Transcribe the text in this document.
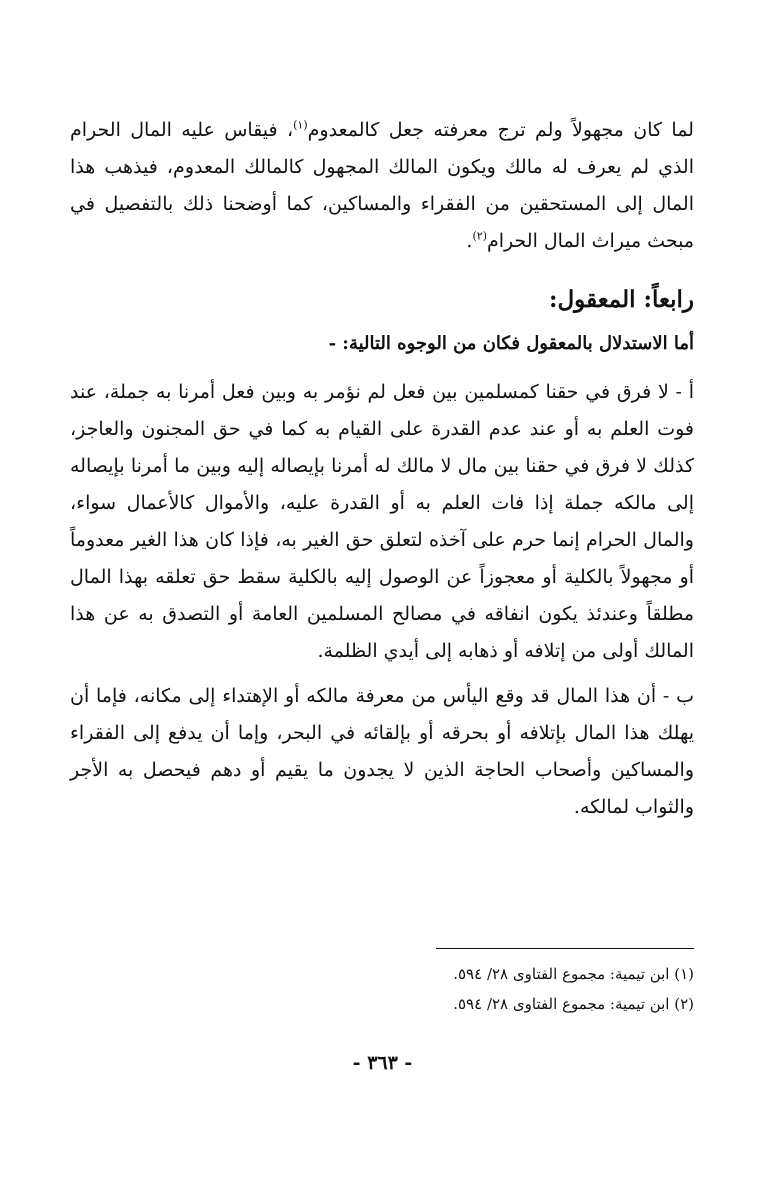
لما كان مجهولاً ولم ترج معرفته جعل كالمعدوم$^{(١)}$، فيقاس عليه المال الحرام الذي لم يعرف له مالك ويكون المالك المجهول كالمالك المعدوم، فيذهب هذا المال إلى المستحقين من الفقراء والمساكين، كما أوضحنا ذلك بالتفصيل في مبحث ميراث المال الحرام$^{(٢)}$.

رابعاً: المعقول:
أما الاستدلال بالمعقول فكان من الوجوه التالية: -

أ - لا فرق في حقنا كمسلمين بين فعل لم نؤمر به وبين فعل أمرنا به جملة، عند فوت العلم به أو عند عدم القدرة على القيام به كما في حق المجنون والعاجز، كذلك لا فرق في حقنا بين مال لا مالك له أمرنا بإيصاله إليه وبين ما أمرنا بإيصاله إلى مالكه جملة إذا فات العلم به أو القدرة عليه، والأموال كالأعمال سواء، والمال الحرام إنما حرم على آخذه لتعلق حق الغير به، فإذا كان هذا الغير معدوماً أو مجهولاً بالكلية أو معجوزاً عن الوصول إليه بالكلية سقط حق تعلقه بهذا المال مطلقاً وعندئذ يكون انفاقه في مصالح المسلمين العامة أو التصدق به عن هذا المالك أولى من إتلافه أو ذهابه إلى أيدي الظلمة.

ب - أن هذا المال قد وقع اليأس من معرفة مالكه أو الإهتداء إلى مكانه، فإما أن يهلك هذا المال بإتلافه أو بحرقه أو بإلقائه في البحر، وإما أن يدفع إلى الفقراء والمساكين وأصحاب الحاجة الذين لا يجدون ما يقيم أو دهم فيحصل به الأجر والثواب لمالكه.

(١) ابن تيمية: مجموع الفتاوى ٢٨/ ٥٩٤.

(٢) ابن تيمية: مجموع الفتاوى ٢٨/ ٥٩٤.

- ٣٦٣ -
